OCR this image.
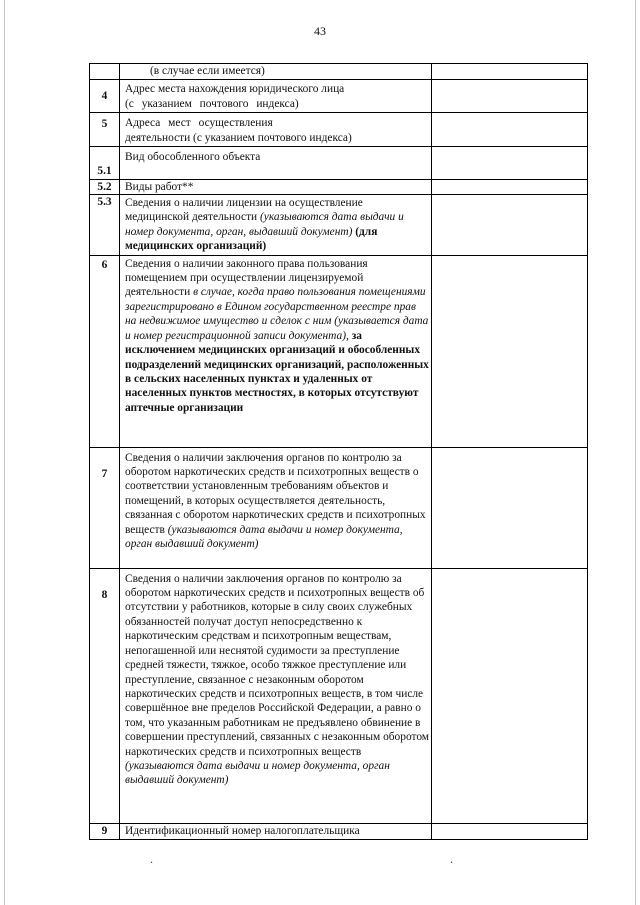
43

	(в случае если имеется)	

4	Адрес места нахождения юридического лица
(с указанием почтового индекса)	

5	Адреса мест осуществления
деятельности (с указанием почтового индекса)	

5.1	Вид обособленного объекта	

5.2	Виды работ**	

5.3	Сведения о наличии лицензии на осуществление медицинской деятельности (указываются дата выдачи и номер документа, орган, выдавший документ) (для медицинских организаций)	

6	Сведения о наличии законного права пользования помещением при осуществлении лицензируемой деятельности в случае, когда право пользования помещениями зарегистрировано в Едином государственном реестре прав на недвижимое имущество и сделок с ним (указывается дата и номер регистрационной записи документа), за исключением медицинских организаций и обособленных подразделений медицинских организаций, расположенных в сельских населенных пунктах и удаленных от населенных пунктов местностях, в которых отсутствуют аптечные организации	

7	Сведения о наличии заключения органов по контролю за оборотом наркотических средств и психотропных веществ о соответствии установленным требованиям объектов и помещений, в которых осуществляется деятельность, связанная с оборотом наркотических средств и психотропных веществ (указываются дата выдачи и номер документа, орган выдавший документ)	

8	Сведения о наличии заключения органов по контролю за оборотом наркотических средств и психотропных веществ об отсутствии у работников, которые в силу своих служебных обязанностей получат доступ непосредственно к наркотическим средствам и психотропным веществам, непогашенной или неснятой судимости за преступление средней тяжести, тяжкое, особо тяжкое преступление или преступление, связанное с незаконным оборотом наркотических средств и психотропных веществ, в том числе совершённое вне пределов Российской Федерации, а равно о том, что указанным работникам не предъявлено обвинение в совершении преступлений, связанных с незаконным оборотом наркотических средств и психотропных веществ (указываются дата выдачи и номер документа, орган выдавший документ)	

9	Идентификационный номер налогоплательщика	

.	.
